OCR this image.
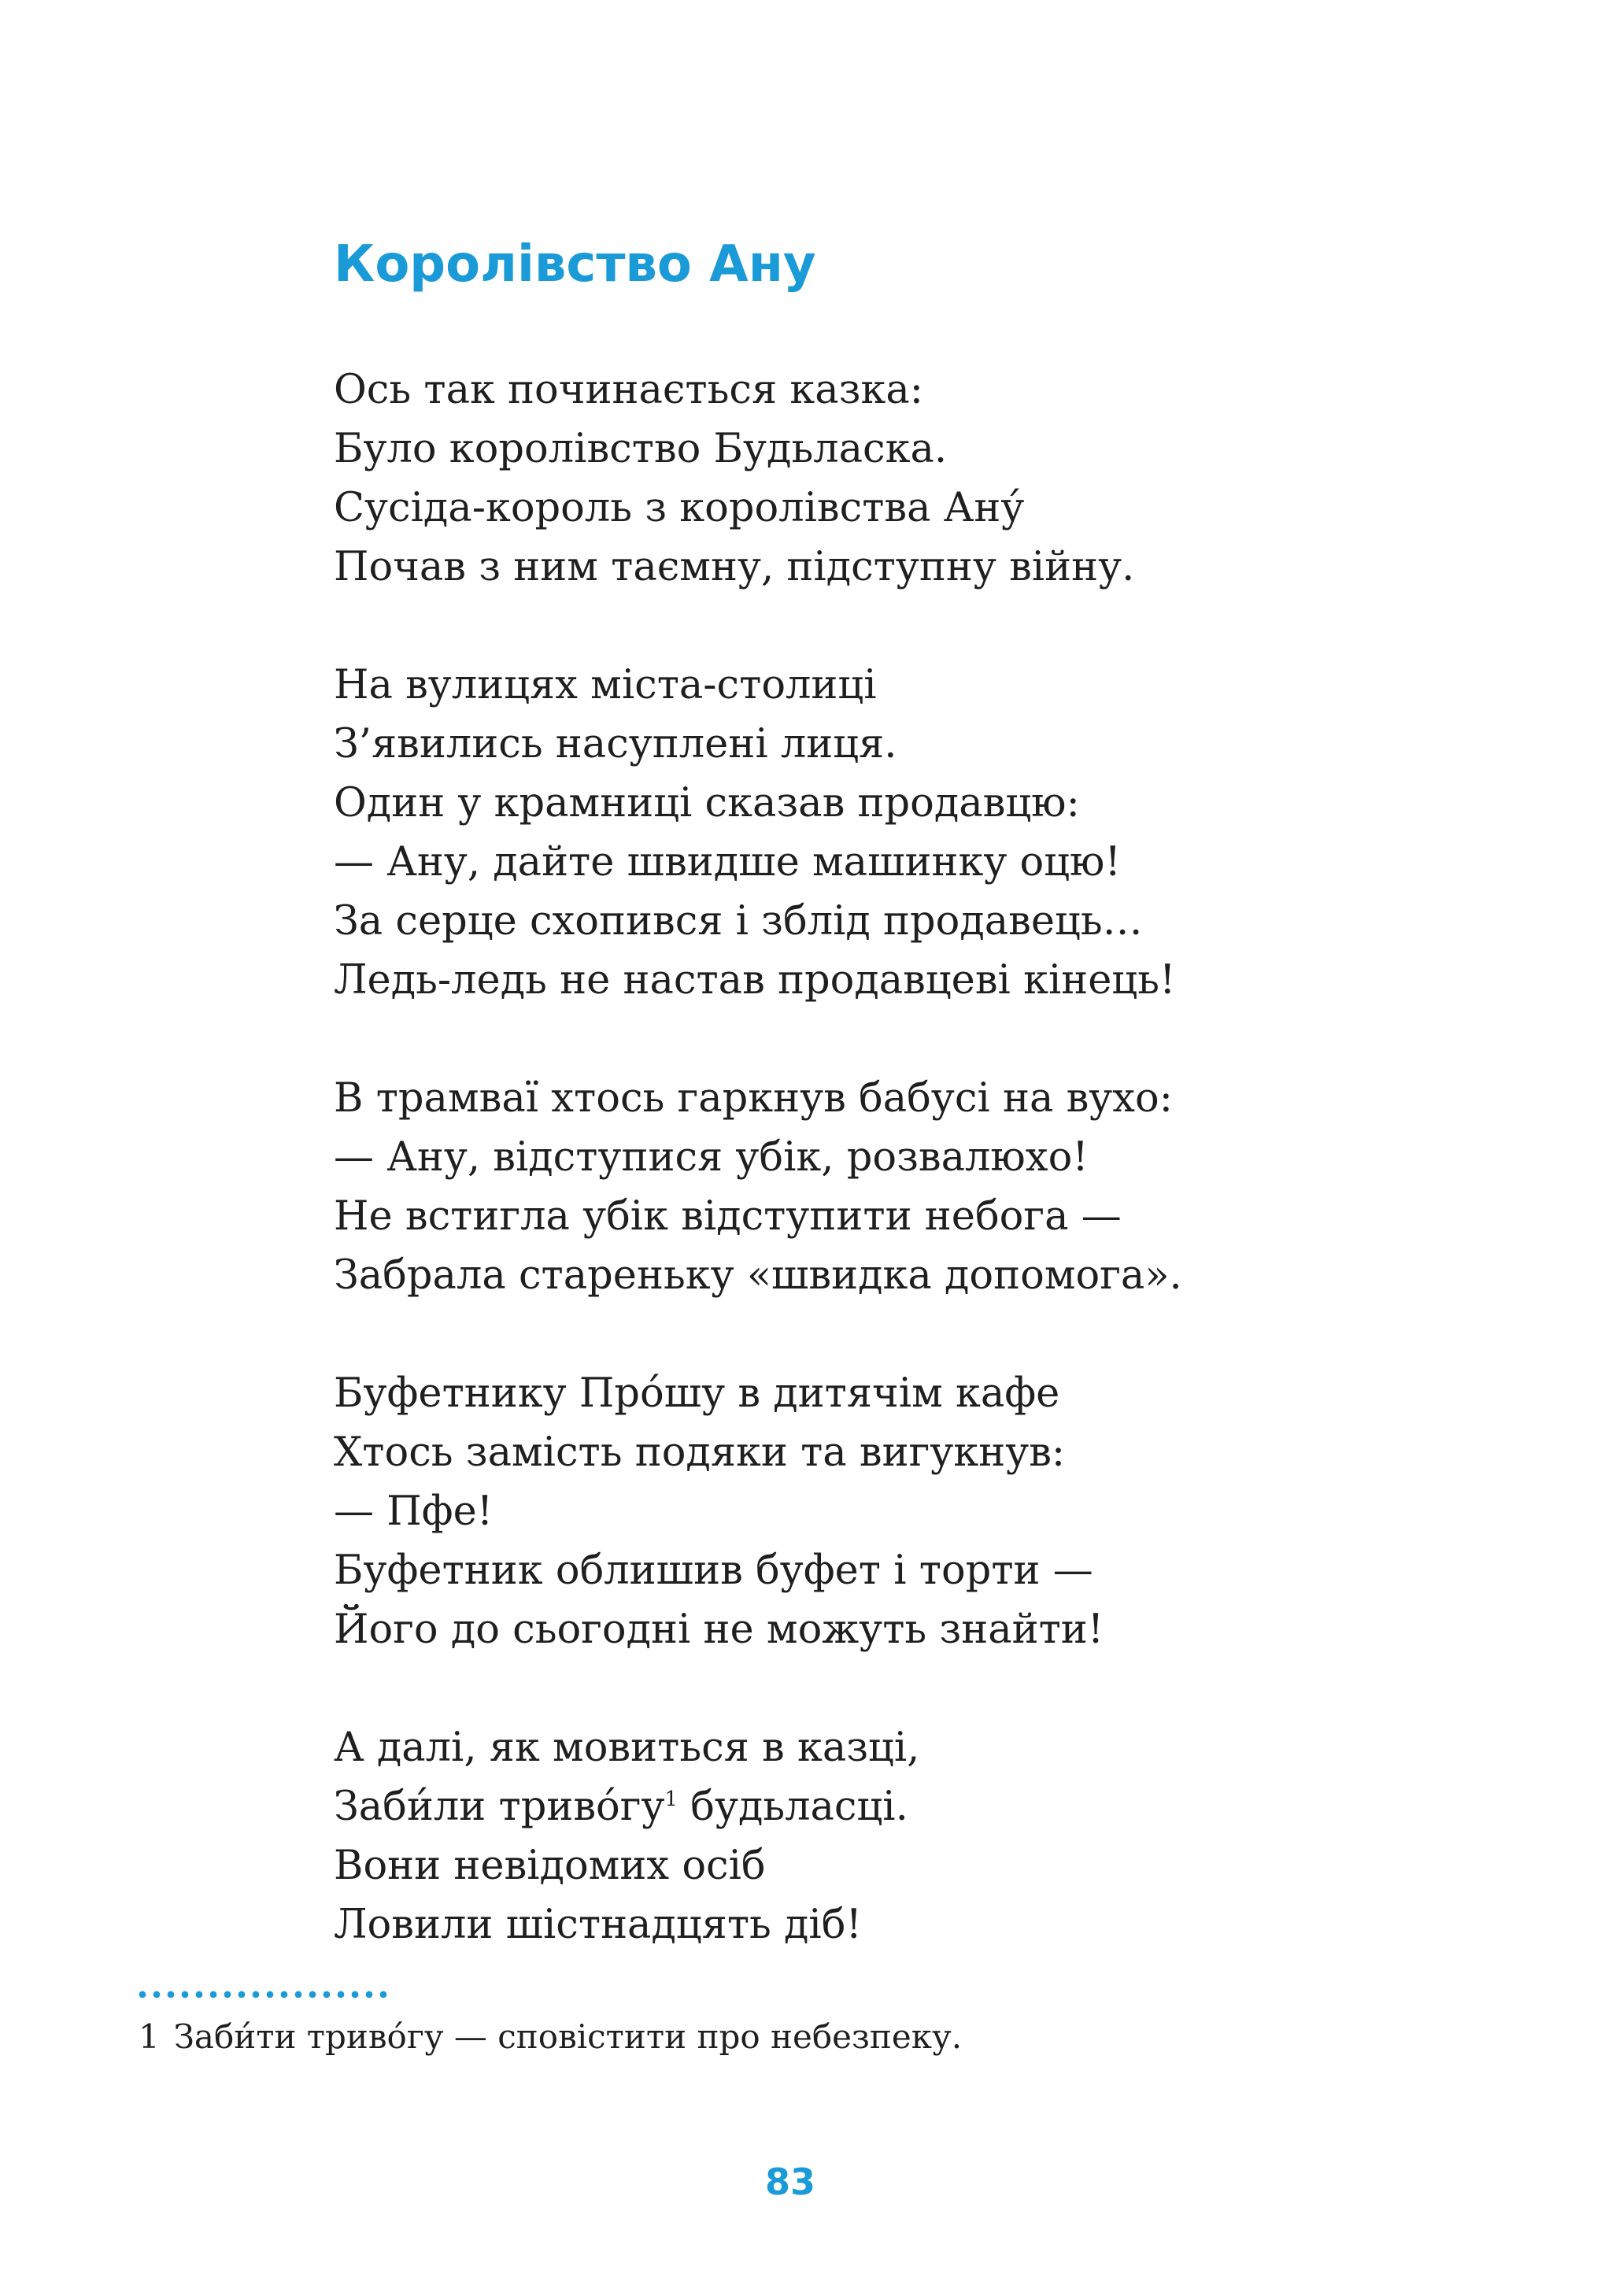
Королівство Ану
Ось так починається казка:
Було королівство Будьласка.
Сусіда-король з королівства Ану́
Почав з ним таємну, підступну війну.
На вулицях міста-столиці
З’явились насуплені лиця.
Один у крамниці сказав продавцю:
— Ану, дайте швидше машинку оцю!
За серце схопився і зблід продавець…
Ледь-ледь не настав продавцеві кінець!
В трамваї хтось гаркнув бабусі на вухо:
— Ану, відступися убік, розвалюхо!
Не встигла убік відступити небога —
Забрала стареньку «швидка допомога».
Буфетнику Про́шу в дитячім кафе
Хтось замість подяки та вигукнув:
— Пфе!
Буфетник облишив буфет і торти —
Його до сьогодні не можуть знайти!
А далі, як мовиться в казці,
Заби́ли триво́гу$^1$ будьласці.
Вони невідомих осіб
Ловили шістнадцять діб!
1 Заби́ти триво́гу — сповістити про небезпеку.
83
